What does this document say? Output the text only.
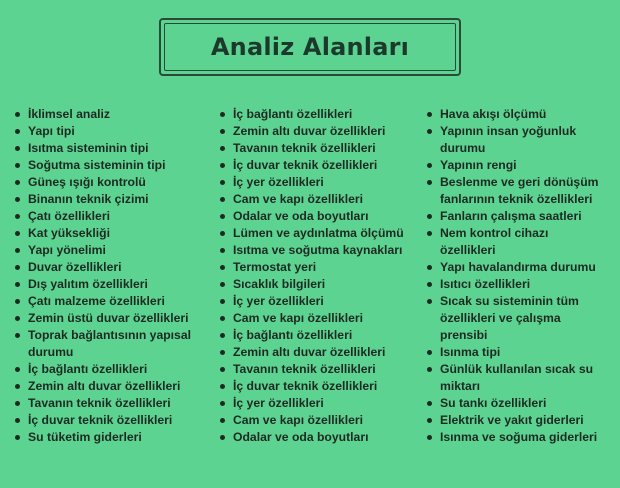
Analiz Alanları
İklimsel analiz
Yapı tipi
Isıtma sisteminin tipi
Soğutma sisteminin tipi
Güneş ışığı kontrolü
Binanın teknik çizimi
Çatı özellikleri
Kat yüksekliği
Yapı yönelimi
Duvar özellikleri
Dış yalıtım özellikleri
Çatı malzeme özellikleri
Zemin üstü duvar özellikleri
Toprak bağlantısının yapısal
durumu
İç bağlantı özellikleri
Zemin altı duvar özellikleri
Tavanın teknik özellikleri
İç duvar teknik özellikleri
Su tüketim giderleri
İç bağlantı özellikleri
Zemin altı duvar özellikleri
Tavanın teknik özellikleri
İç duvar teknik özellikleri
İç yer özellikleri
Cam ve kapı özellikleri
Odalar ve oda boyutları
Lümen ve aydınlatma ölçümü
Isıtma ve soğutma kaynakları
Termostat yeri
Sıcaklık bilgileri
İç yer özellikleri
Cam ve kapı özellikleri
İç bağlantı özellikleri
Zemin altı duvar özellikleri
Tavanın teknik özellikleri
İç duvar teknik özellikleri
İç yer özellikleri
Cam ve kapı özellikleri
Odalar ve oda boyutları
Hava akışı ölçümü
Yapının insan yoğunluk
durumu
Yapının rengi
Beslenme ve geri dönüşüm
fanlarının teknik özellikleri
Fanların çalışma saatleri
Nem kontrol cihazı
özellikleri
Yapı havalandırma durumu
Isıtıcı özellikleri
Sıcak su sisteminin tüm
özellikleri ve çalışma
prensibi
Isınma tipi
Günlük kullanılan sıcak su
miktarı
Su tankı özellikleri
Elektrik ve yakıt giderleri
Isınma ve soğuma giderleri
